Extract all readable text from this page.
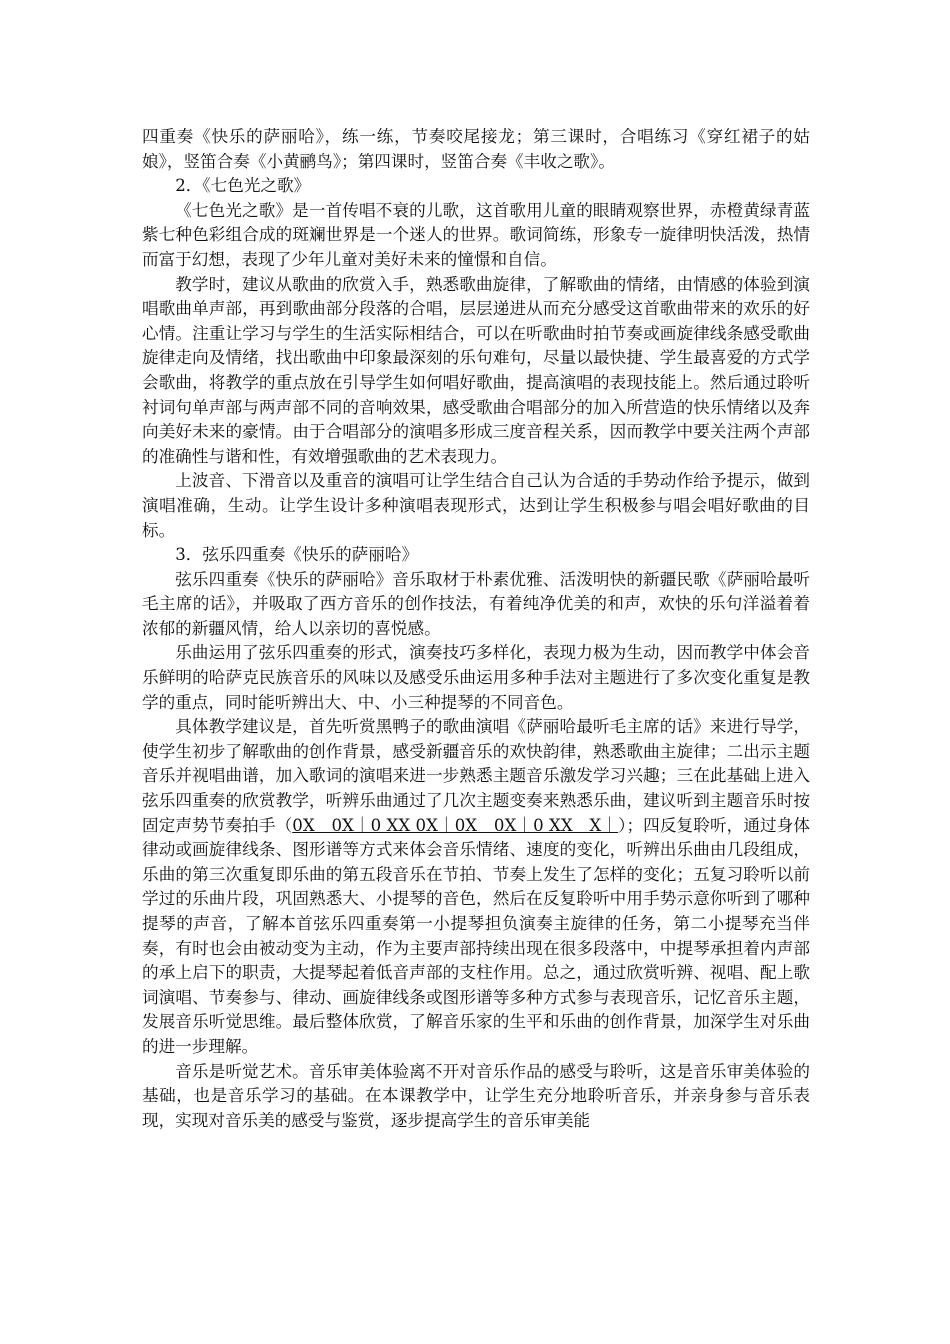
四重奏《快乐的萨丽哈》，练一练，节奏咬尾接龙；第三课时，合唱练习《穿红裙子的姑娘》，竖笛合奏《小黄鹂鸟》；第四课时，竖笛合奏《丰收之歌》。

2．《七色光之歌》

《七色光之歌》是一首传唱不衰的儿歌，这首歌用儿童的眼睛观察世界，赤橙黄绿青蓝紫七种色彩组合成的斑斓世界是一个迷人的世界。歌词简练，形象专一旋律明快活泼，热情而富于幻想，表现了少年儿童对美好未来的憧憬和自信。

教学时，建议从歌曲的欣赏入手，熟悉歌曲旋律，了解歌曲的情绪，由情感的体验到演唱歌曲单声部，再到歌曲部分段落的合唱，层层递进从而充分感受这首歌曲带来的欢乐的好心情。注重让学习与学生的生活实际相结合，可以在听歌曲时拍节奏或画旋律线条感受歌曲旋律走向及情绪，找出歌曲中印象最深刻的乐句难句，尽量以最快捷、学生最喜爱的方式学会歌曲，将教学的重点放在引导学生如何唱好歌曲，提高演唱的表现技能上。然后通过聆听衬词句单声部与两声部不同的音响效果，感受歌曲合唱部分的加入所营造的快乐情绪以及奔向美好未来的豪情。由于合唱部分的演唱多形成三度音程关系，因而教学中要关注两个声部的准确性与谐和性，有效增强歌曲的艺术表现力。

上波音、下滑音以及重音的演唱可让学生结合自己认为合适的手势动作给予提示，做到演唱准确，生动。让学生设计多种演唱表现形式，达到让学生积极参与唱会唱好歌曲的目标。

3．弦乐四重奏《快乐的萨丽哈》

弦乐四重奏《快乐的萨丽哈》音乐取材于朴素优雅、活泼明快的新疆民歌《萨丽哈最听毛主席的话》，并吸取了西方音乐的创作技法，有着纯净优美的和声，欢快的乐句洋溢着着浓郁的新疆风情，给人以亲切的喜悦感。

乐曲运用了弦乐四重奏的形式，演奏技巧多样化，表现力极为生动，因而教学中体会音乐鲜明的哈萨克民族音乐的风味以及感受乐曲运用多种手法对主题进行了多次变化重复是教学的重点，同时能听辨出大、中、小三种提琴的不同音色。

具体教学建议是，首先听赏黑鸭子的歌曲演唱《萨丽哈最听毛主席的话》来进行导学，使学生初步了解歌曲的创作背景，感受新疆音乐的欢快韵律，熟悉歌曲主旋律；二出示主题音乐并视唱曲谱，加入歌词的演唱来进一步熟悉主题音乐激发学习兴趣；三在此基础上进入弦乐四重奏的欣赏教学，听辨乐曲通过了几次主题变奏来熟悉乐曲，建议听到主题音乐时按固定声势节奏拍手（0X　0X｜0 XX 0X｜0X　0X｜0 XX　X｜）；四反复聆听，通过身体律动或画旋律线条、图形谱等方式来体会音乐情绪、速度的变化，听辨出乐曲由几段组成，乐曲的第三次重复即乐曲的第五段音乐在节拍、节奏上发生了怎样的变化；五复习聆听以前学过的乐曲片段，巩固熟悉大、小提琴的音色，然后在反复聆听中用手势示意你听到了哪种提琴的声音，了解本首弦乐四重奏第一小提琴担负演奏主旋律的任务，第二小提琴充当伴奏，有时也会由被动变为主动，作为主要声部持续出现在很多段落中，中提琴承担着内声部的承上启下的职责，大提琴起着低音声部的支柱作用。总之，通过欣赏听辨、视唱、配上歌词演唱、节奏参与、律动、画旋律线条或图形谱等多种方式参与表现音乐，记忆音乐主题，发展音乐听觉思维。最后整体欣赏，了解音乐家的生平和乐曲的创作背景，加深学生对乐曲的进一步理解。

音乐是听觉艺术。音乐审美体验离不开对音乐作品的感受与聆听，这是音乐审美体验的基础，也是音乐学习的基础。在本课教学中，让学生充分地聆听音乐，并亲身参与音乐表现，实现对音乐美的感受与鉴赏，逐步提高学生的音乐审美能
